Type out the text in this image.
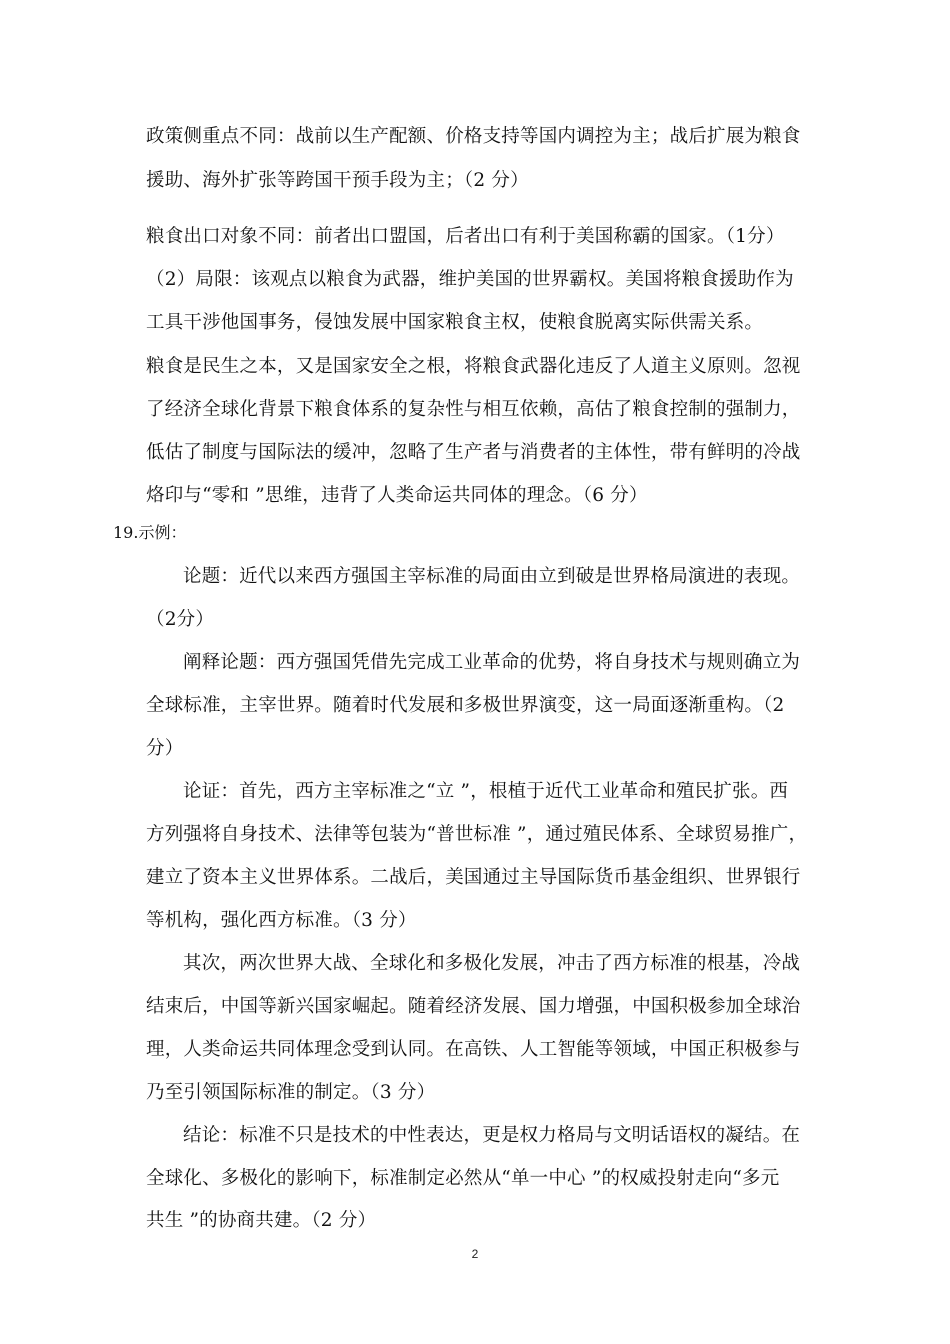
政策侧重点不同：战前以生产配额、价格支持等国内调控为主；战后扩展为粮食
援助、海外扩张等跨国干预手段为主；（2 分）
粮食出口对象不同：前者出口盟国，后者出口有利于美国称霸的国家。（1分）
（2）局限：该观点以粮食为武器，维护美国的世界霸权。美国将粮食援助作为
工具干涉他国事务，侵蚀发展中国家粮食主权，使粮食脱离实际供需关系。
粮食是民生之本，又是国家安全之根，将粮食武器化违反了人道主义原则。忽视
了经济全球化背景下粮食体系的复杂性与相互依赖，高估了粮食控制的强制力，
低估了制度与国际法的缓冲，忽略了生产者与消费者的主体性，带有鲜明的冷战
烙印与“零和 ”思维，违背了人类命运共同体的理念。（6 分）
19.示例：
论题：近代以来西方强国主宰标准的局面由立到破是世界格局演进的表现。
（2分）
阐释论题：西方强国凭借先完成工业革命的优势，将自身技术与规则确立为
全球标准，主宰世界。随着时代发展和多极世界演变，这一局面逐渐重构。（2
分）
论证：首先，西方主宰标准之“立 ”，根植于近代工业革命和殖民扩张。西
方列强将自身技术、法律等包装为“普世标准 ”，通过殖民体系、全球贸易推广，
建立了资本主义世界体系。二战后，美国通过主导国际货币基金组织、世界银行
等机构，强化西方标准。（3 分）
其次，两次世界大战、全球化和多极化发展，冲击了西方标准的根基，冷战
结束后，中国等新兴国家崛起。随着经济发展、国力增强，中国积极参加全球治
理，人类命运共同体理念受到认同。在高铁、人工智能等领域，中国正积极参与
乃至引领国际标准的制定。（3 分）
结论：标准不只是技术的中性表达，更是权力格局与文明话语权的凝结。在
全球化、多极化的影响下，标准制定必然从“单一中心 ”的权威投射走向“多元
共生 ”的协商共建。（2 分）
2
